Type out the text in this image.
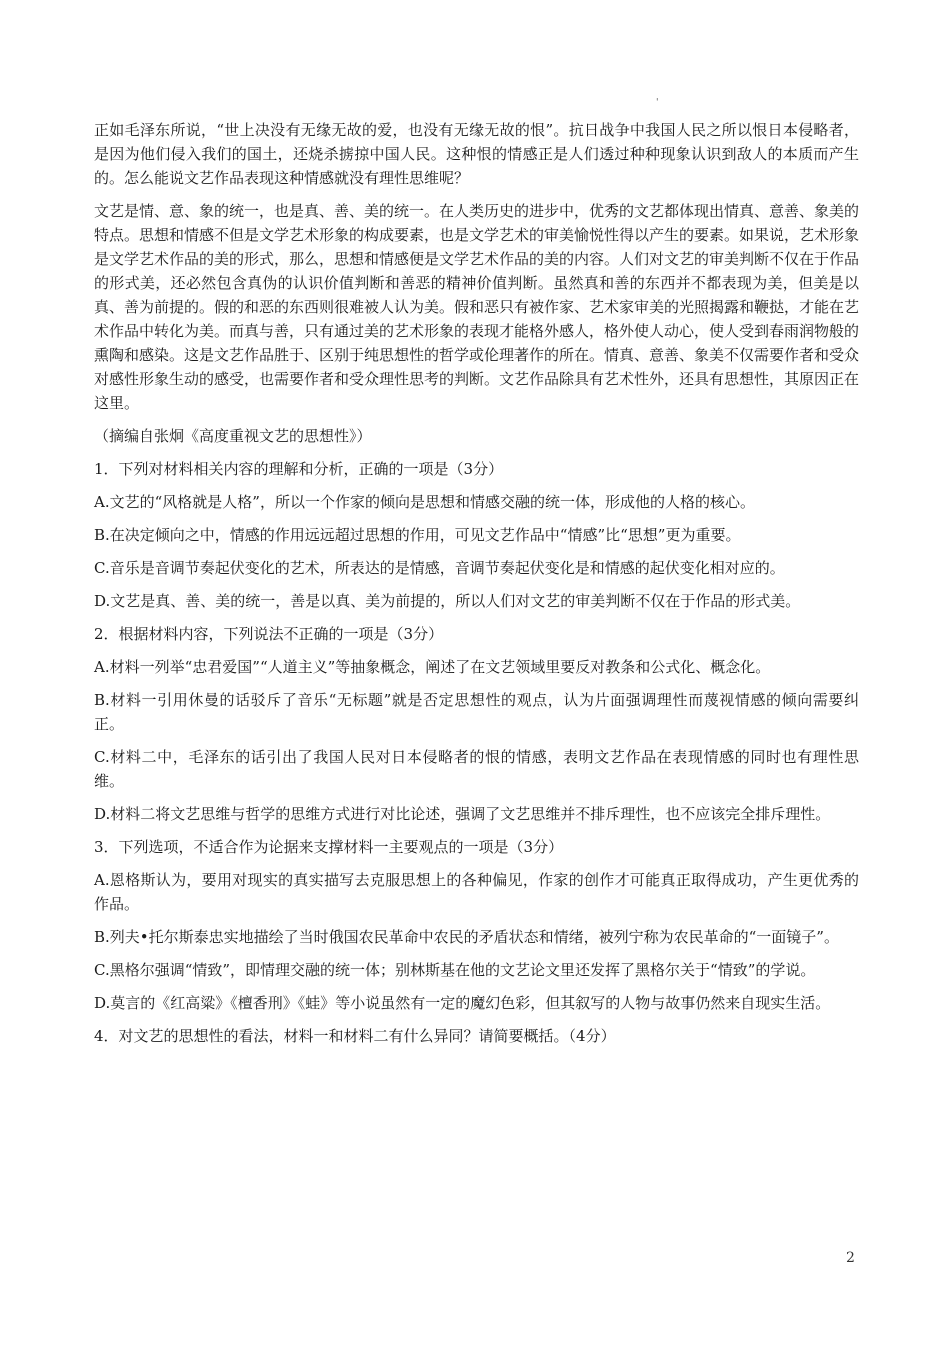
'

正如毛泽东所说，“世上决没有无缘无故的爱，也没有无缘无故的恨”。抗日战争中我国人民之所以恨日本侵略者，是因为他们侵入我们的国土，还烧杀掳掠中国人民。这种恨的情感正是人们透过种种现象认识到敌人的本质而产生的。怎么能说文艺作品表现这种情感就没有理性思维呢？

文艺是情、意、象的统一，也是真、善、美的统一。在人类历史的进步中，优秀的文艺都体现出情真、意善、象美的特点。思想和情感不但是文学艺术形象的构成要素，也是文学艺术的审美愉悦性得以产生的要素。如果说，艺术形象是文学艺术作品的美的形式，那么，思想和情感便是文学艺术作品的美的内容。人们对文艺的审美判断不仅在于作品的形式美，还必然包含真伪的认识价值判断和善恶的精神价值判断。虽然真和善的东西并不都表现为美，但美是以真、善为前提的。假的和恶的东西则很难被人认为美。假和恶只有被作家、艺术家审美的光照揭露和鞭挞，才能在艺术作品中转化为美。而真与善，只有通过美的艺术形象的表现才能格外感人，格外使人动心，使人受到春雨润物般的熏陶和感染。这是文艺作品胜于、区别于纯思想性的哲学或伦理著作的所在。情真、意善、象美不仅需要作者和受众对感性形象生动的感受，也需要作者和受众理性思考的判断。文艺作品除具有艺术性外，还具有思想性，其原因正在这里。

（摘编自张炯《高度重视文艺的思想性》）

1．下列对材料相关内容的理解和分析，正确的一项是（3分）

A.文艺的“风格就是人格”，所以一个作家的倾向是思想和情感交融的统一体，形成他的人格的核心。

B.在决定倾向之中，情感的作用远远超过思想的作用，可见文艺作品中“情感”比“思想”更为重要。

C.音乐是音调节奏起伏变化的艺术，所表达的是情感，音调节奏起伏变化是和情感的起伏变化相对应的。

D.文艺是真、善、美的统一，善是以真、美为前提的，所以人们对文艺的审美判断不仅在于作品的形式美。

2．根据材料内容，下列说法不正确的一项是（3分）

A.材料一列举“忠君爱国”“人道主义”等抽象概念，阐述了在文艺领域里要反对教条和公式化、概念化。

B.材料一引用休曼的话驳斥了音乐“无标题”就是否定思想性的观点，认为片面强调理性而蔑视情感的倾向需要纠正。

C.材料二中，毛泽东的话引出了我国人民对日本侵略者的恨的情感，表明文艺作品在表现情感的同时也有理性思维。

D.材料二将文艺思维与哲学的思维方式进行对比论述，强调了文艺思维并不排斥理性，也不应该完全排斥理性。

3．下列选项，不适合作为论据来支撑材料一主要观点的一项是（3分）

A.恩格斯认为，要用对现实的真实描写去克服思想上的各种偏见，作家的创作才可能真正取得成功，产生更优秀的作品。

B.列夫•托尔斯泰忠实地描绘了当时俄国农民革命中农民的矛盾状态和情绪，被列宁称为农民革命的“一面镜子”。

C.黑格尔强调“情致”，即情理交融的统一体；别林斯基在他的文艺论文里还发挥了黑格尔关于“情致”的学说。

D.莫言的《红高粱》《檀香刑》《蛙》等小说虽然有一定的魔幻色彩，但其叙写的人物与故事仍然来自现实生活。

4．对文艺的思想性的看法，材料一和材料二有什么异同？请简要概括。（4分）

2
